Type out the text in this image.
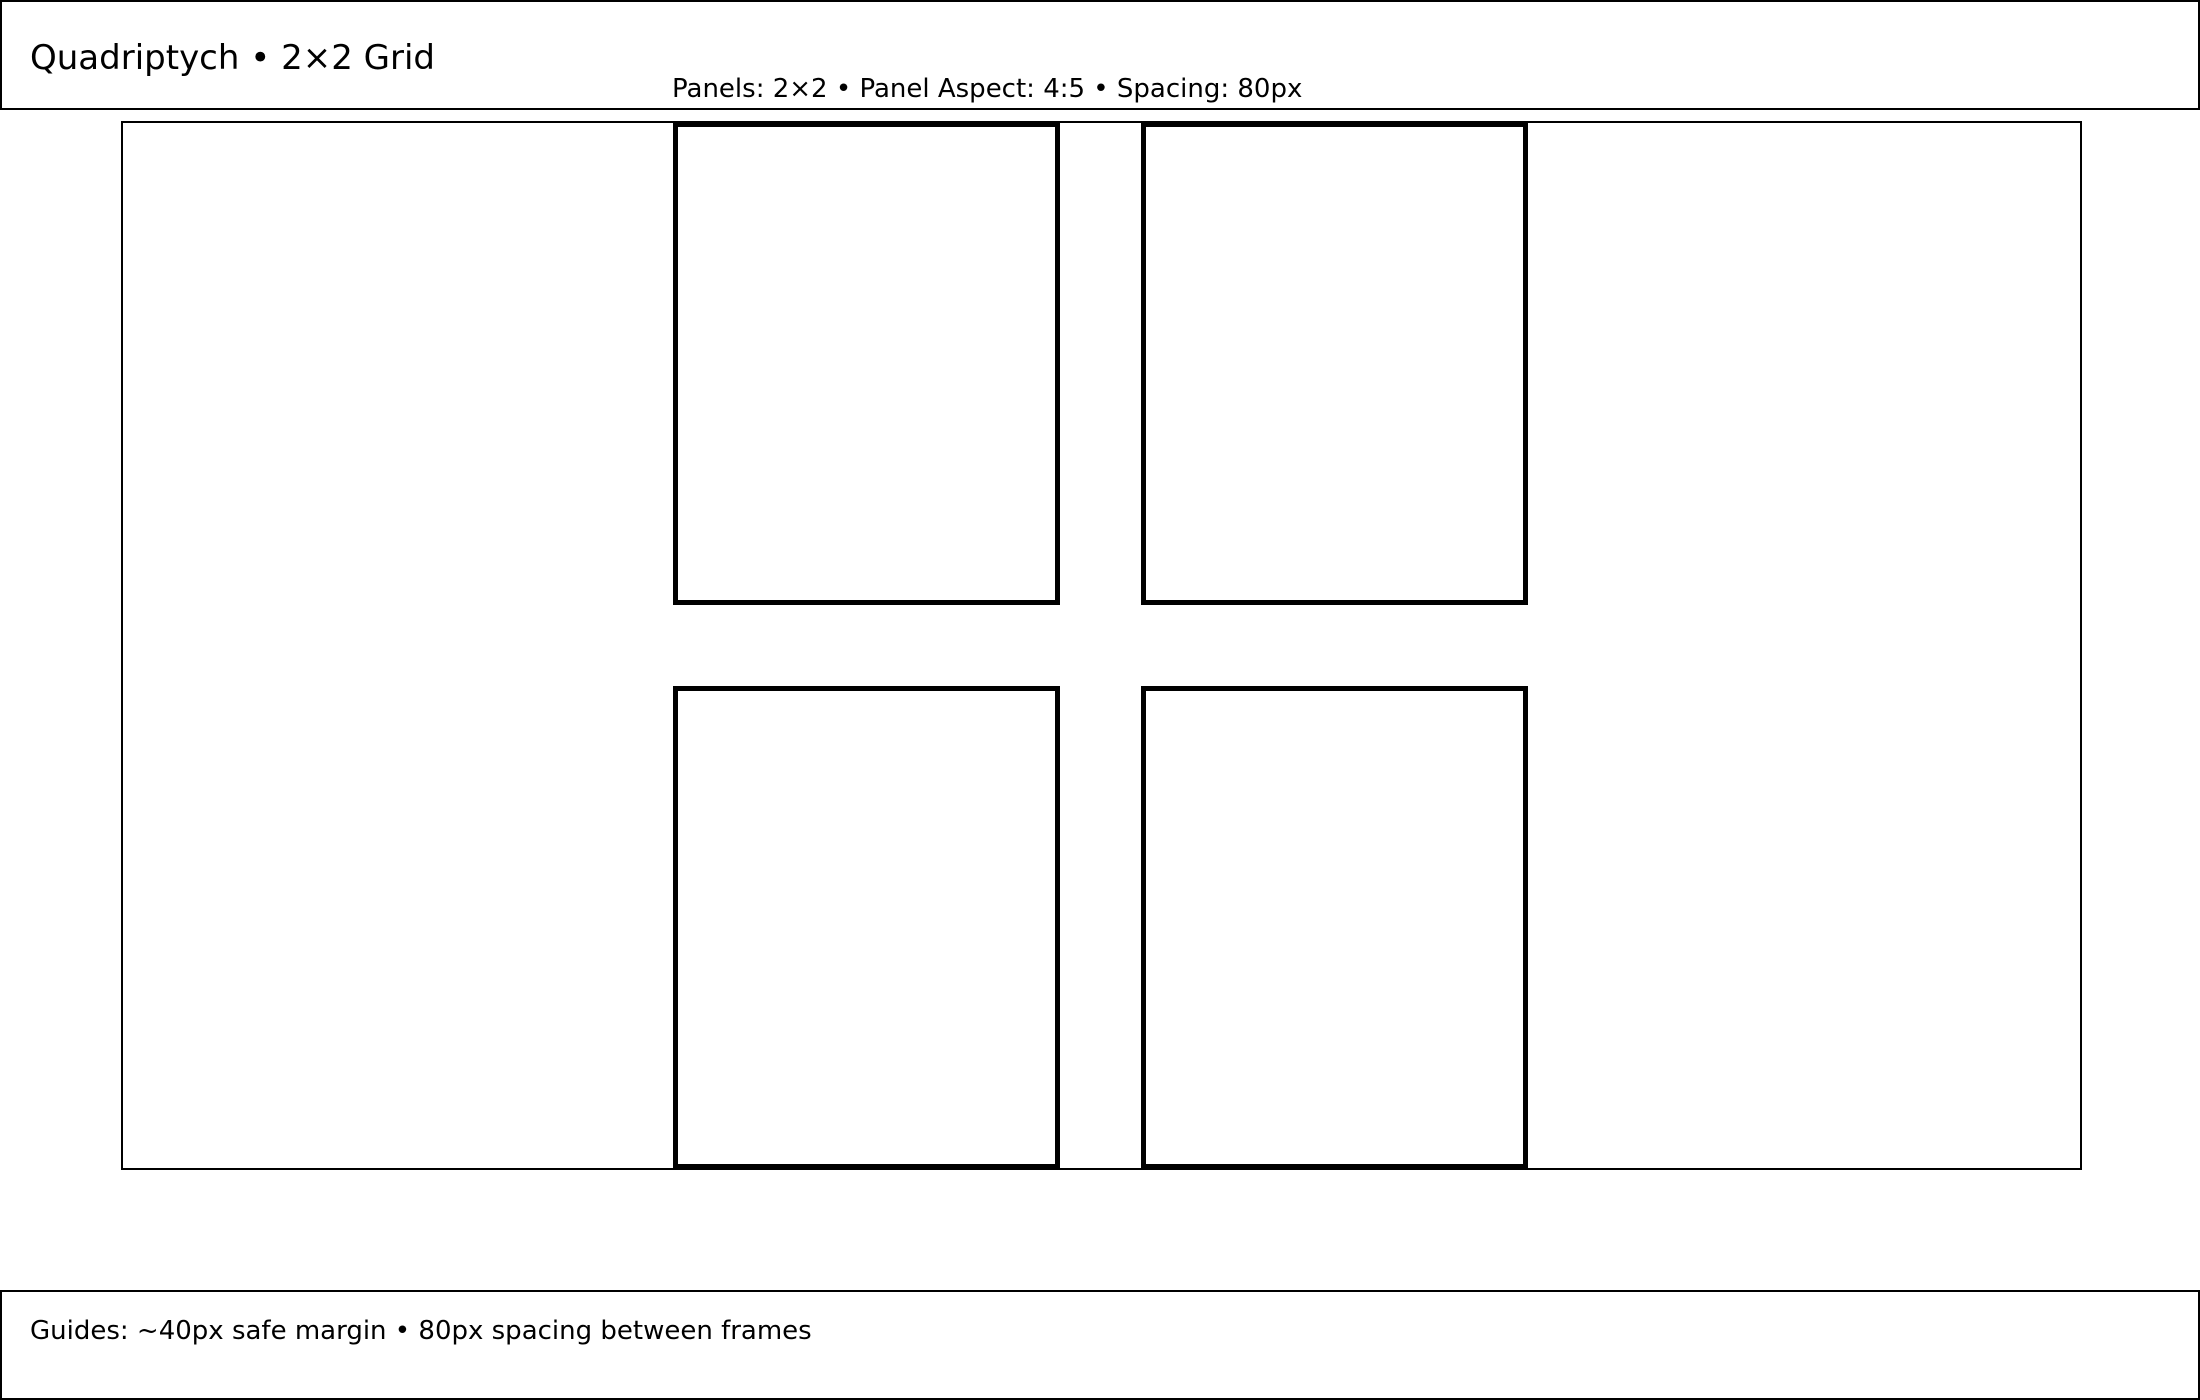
Quadriptych • 2×2 Grid
Panels: 2×2 • Panel Aspect: 4:5 • Spacing: 80px
Guides: ~40px safe margin • 80px spacing between frames
